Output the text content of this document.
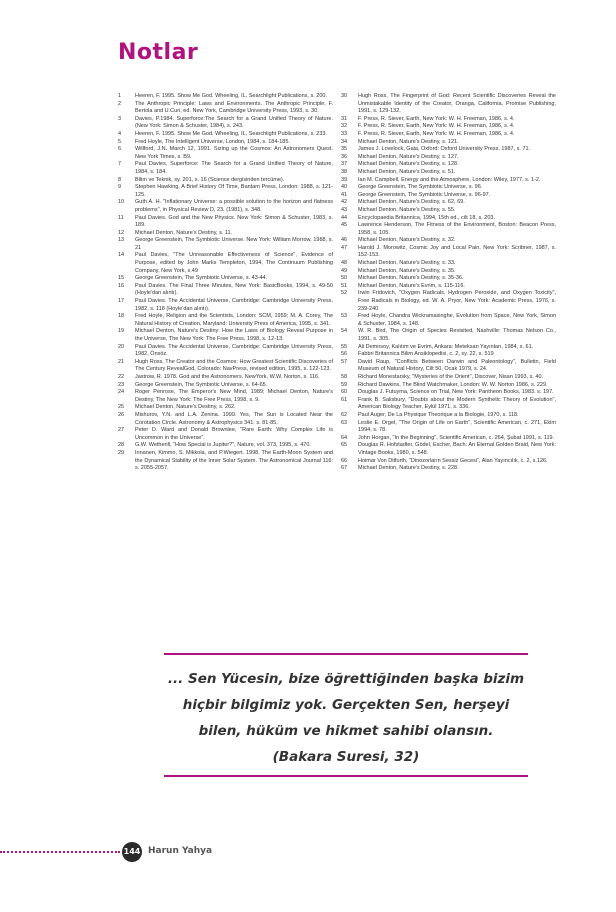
Notlar
1	Heeren, F. 1995. Show Me God. Wheeling, IL, Searchlight Publications, s. 200.
2	The Anthropic Principle: Laws and Environments. The Anthropic Principle, F. Bertola and U.Curi, ed. New York, Cambridge University Press, 1993, s. 30.
3	Davies, P.1984. Superforce:The Search for a Grand Unified Theory of Nature. (New York: Simon & Schuster, 1984), s. 243.
4	Heeren, F. 1995. Show Me God. Wheeling, IL, Searchlight Publications, s. 233.
5	Fred Hoyle, The Intelligent Universe, London, 1984, s. 184-185.
6	Willford, J.N. March 12, 1991. Sizing up the Cosmos: An Astronomers Quest. New York Times, s. B9.
7	Paul Davies, Superforce: The Search for a Grand Unified Theory of Nature, 1984, s. 184.
8	Bilim ve Teknik, sy. 201, s. 16 (Science dergisinden tercüme).
9	Stephen Hawking, A Brief History Of Time, Bantam Press, London: 1988, s. 121-125.
10	Guth A. H. "Inflationary Universe: a possible solution to the horizon and flatness problems", in Physical Review D, 23. (1981), s. 348.
11	Paul Davies. God and the New Physics. New York: Simon & Schuster, 1983, s. 189.
12	Michael Denton, Nature's Destiny, s. 11.
13	George Greenstein, The Symbiotic Universe. New York: William Morrow, 1988, s. 21
14	Paul Davies, "The Unreasonable Effectiveness of Science", Evidence of Purpose, edited by John Marks Templeton, 1994, The Continuum Publishing Company, New York, s.49
15	George Greenstein, The Symbiotic Universe, s. 43-44.
16	Paul Davies. The Final Three Minutes, New York: BasicBooks, 1994, s. 49-50 (Hoyle'dan alıntı).
17	Paul Davies. The Accidental Universe, Cambridge: Cambridge University Press, 1982, s. 118 (Hoyle'dan alıntı).
18	Fred Hoyle, Religion and the Scientists, London: SCM, 1959; M. A. Corey, The Natural History of Creation, Maryland: University Press of America, 1995, s. 341.
19	Michael Denton, Nature's Destiny: How the Laws of Biology Reveal Purpose in the Universe, The New York: The Free Press, 1998, s. 12-13.
20	Paul Davies. The Accidental Universe, Cambridge: Cambridge University Press, 1982, Önsöz.
21	Hugh Ross, The Creator and the Cosmos: How Greatest Scientific Discoveries of The Century RevealGod, Colorado: NavPress, revised edition, 1995, s. 122-123.
22	Jastrow, R. 1978. God and the Astronomers. NewYork, W.W. Norton, s. 116.
23	George Greenstein, The Symbiotic Universe, s. 64-65.
24	Roger Penrose, The Emperor's New Mind, 1989; Michael Denton, Nature's Destiny, The New York: The Free Press, 1998, s. 9.
25	Michael Denton, Nature's Destiny, s. 262.
26	Mishurov, Y.N. and L.A. Zenina. 1999. Yes, The Sun is Located Near the Corotation Circle. Astronomy & Astrophysics 341: s. 81-85.
27	Peter D. Ward and Donald Brownlee, "Rare Earth: Why Complex Life is Uncommon in the Universe".
28	G.W. Wetherill, "How Special is Jupiter?", Nature, vol. 373, 1995, s. 470.
29	Innanen, Kimmo, S. Mikkola, and P.Wiegert. 1998. The Earth-Moon System and the Dynamical Stability of the Inner Solar System. The Astronomical Journal 116: s. 2055-2057.
30	Hugh Ross, The Fingerprint of God: Recent Scientific Discoveries Reveal the Unmistakable Identity of the Creator, Oranga, California, Promise Publishing, 1991, s. 129-132.
31	F. Press, R. Siever, Earth, New York: W. H. Freeman, 1986, s. 4.
32	F. Press, R. Siever, Earth, New York: W. H. Freeman, 1986, s. 4.
33	F. Press, R. Siever, Earth, New York: W. H. Freeman, 1986, s. 4.
34	Michael Denton, Nature's Destiny, s. 121.
35	James J. Lovelock, Gaia, Oxford: Oxford University Press, 1987, s. 71.
36	Michael Denton, Nature's Destiny, s. 127.
37	Michael Denton, Nature's Destiny, s. 128.
38	Michael Denton, Nature's Destiny, s. 51.
39	Ian M. Campbell, Energy and the Atmosphere, London: Wiley, 1977, s. 1-2.
40	George Greenstein, The Symbiotic Universe, s. 96.
41	George Greenstein, The Symbiotic Universe, s. 96-97.
42	Michael Denton, Nature's Destiny, s. 62, 69.
43	Michael Denton, Nature's Destiny, s. 55.
44	Encyclopaedia Britannica, 1994, 15th ed., cilt 18, s. 203.
45	Lawrence Henderson, The Fitness of the Environment, Boston: Beacon Press, 1958, s. 105.
46	Michael Denton, Nature's Destiny, s. 32.
47	Harold J. Morowitz, Cosmic Joy and Local Pain, New York: Scribner, 1987, s. 152-153.
48	Michael Denton, Nature's Destiny, s. 33.
49	Michael Denton, Nature's Destiny, s. 35.
50	Michael Denton, Nature's Destiny, s. 35-36.
51	Michael Denton, Nature's Evrim, s. 115-116.
52	Irwin Fridovich, "Oxygen Radicals, Hydrogen Peroxide, and Oxygen Toxicity", Free Radicals in Biology, ed. W. A. Pryor, New York: Academic Press, 1976, s. 239-240.
53	Fred Hoyle, Chandra Wickramasinghe, Evolution from Space, New York, Simon & Schuster, 1984, s. 148.
54	W. R. Bird, The Origin of Species Revisited, Nashville: Thomas Nelson Co., 1991, s. 305.
55	Ali Demirsoy, Kalıtım ve Evrim, Ankara: Meteksan Yayınları, 1984, s. 61.
56	Fabbri Britannica Bilim Ansiklopedisi, c. 2, sy. 22, s. 519
57	David Raup, "Conflicts Between Darwin and Paleontology", Bulletin, Field Museum of Natural History, Cilt 50, Ocak 1979, s. 24.
58	Richard Monestarsky, "Mysteries of the Orient", Discover, Nisan 1993, s. 40.
59	Richard Dawkins, The Blind Watchmaker, London: W. W. Norton 1986, s. 229.
60	Douglas J. Futuyma, Science on Trial, New York: Pantheon Books, 1983. s. 197.
61	Frank B. Salisbury, "Doubts about the Modern Synthetic Theory of Evolution", American Biology Teacher, Eylül 1971, s. 336.
62	Paul Auger, De La Physique Theorique a la Biologie, 1970, s. 118.
63	Leslie E. Orgel, "The Origin of Life on Earth", Scientific American, c. 271, Ekim 1994, s. 78.
64	John Horgan, "In the Beginning", Scientific American, c. 264, Şubat 1991, s. 119.
65	Douglas R. Hofstadter, Gödel, Escher, Bach: An Eternal Golden Braid, New York: Vintage Books, 1980, s. 548.
66	Hoimar Von Ditfurth, "Dinozorların Sessiz Gecesi", Alan Yayıncılık, c. 2, s.126.
67	Michael Denton, Nature's Destiny, s. 228.
... Sen Yücesin, bize öğrettiğinden başka bizim
hiçbir bilgimiz yok. Gerçekten Sen, herşeyi
bilen, hüküm ve hikmet sahibi olansın.
(Bakara Suresi, 32)
144 Harun Yahya
